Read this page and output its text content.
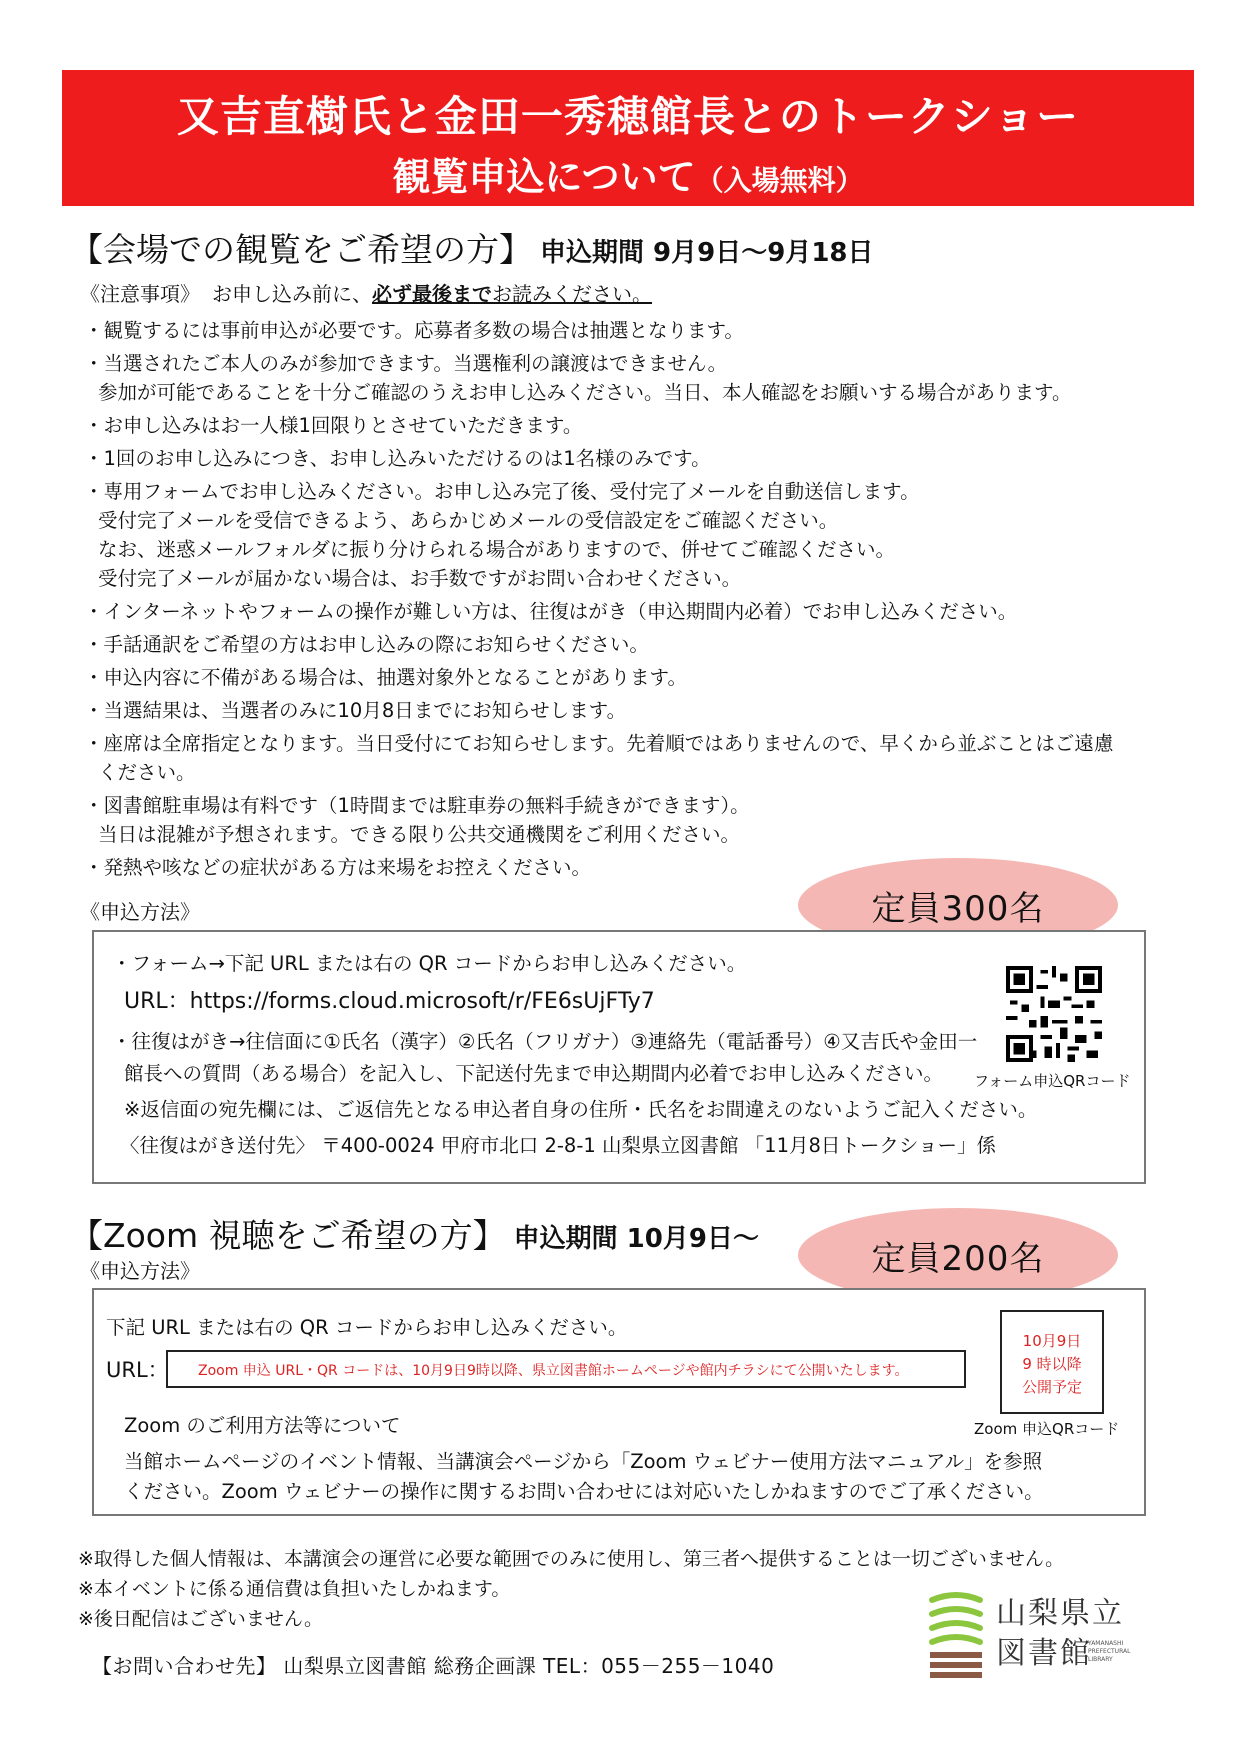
又吉直樹氏と金田一秀穂館長とのトークショー
観覧申込について（入場無料）
【会場での観覧をご希望の方】 申込期間 9月9日～9月18日
《注意事項》 お申し込み前に、必ず最後までお読みください。
・観覧するには事前申込が必要です。応募者多数の場合は抽選となります。
・当選されたご本人のみが参加できます。当選権利の譲渡はできません。
参加が可能であることを十分ご確認のうえお申し込みください。当日、本人確認をお願いする場合があります。
・お申し込みはお一人様1回限りとさせていただきます。
・1回のお申し込みにつき、お申し込みいただけるのは1名様のみです。
・専用フォームでお申し込みください。お申し込み完了後、受付完了メールを自動送信します。
受付完了メールを受信できるよう、あらかじめメールの受信設定をご確認ください。
なお、迷惑メールフォルダに振り分けられる場合がありますので、併せてご確認ください。
受付完了メールが届かない場合は、お手数ですがお問い合わせください。
・インターネットやフォームの操作が難しい方は、往復はがき（申込期間内必着）でお申し込みください。
・手話通訳をご希望の方はお申し込みの際にお知らせください。
・申込内容に不備がある場合は、抽選対象外となることがあります。
・当選結果は、当選者のみに10月8日までにお知らせします。
・座席は全席指定となります。当日受付にてお知らせします。先着順ではありませんので、早くから並ぶことはご遠慮
ください。
・図書館駐車場は有料です（1時間までは駐車券の無料手続きができます）。
当日は混雑が予想されます。できる限り公共交通機関をご利用ください。
・発熱や咳などの症状がある方は来場をお控えください。
定員300名
《申込方法》
・フォーム→下記 URL または右の QR コードからお申し込みください。
URL：https://forms.cloud.microsoft/r/FE6sUjFTy7
・往復はがき→往信面に①氏名（漢字）②氏名（フリガナ）③連絡先（電話番号）④又吉氏や金田一
館長への質問（ある場合）を記入し、下記送付先まで申込期間内必着でお申し込みください。
※返信面の宛先欄には、ご返信先となる申込者自身の住所・氏名をお間違えのないようご記入ください。
〈往復はがき送付先〉 〒400-0024 甲府市北口 2-8-1 山梨県立図書館 「11月8日トークショー」係
フォーム申込QRコード
【Zoom 視聴をご希望の方】 申込期間 10月9日～	定員200名
《申込方法》
下記 URL または右の QR コードからお申し込みください。
URL： Zoom 申込 URL・QR コードは、10月9日9時以降、県立図書館ホームページや館内チラシにて公開いたします。
10月9日
9 時以降
公開予定
Zoom 申込QRコード
Zoom のご利用方法等について
当館ホームページのイベント情報、当講演会ページから「Zoom ウェビナー使用方法マニュアル」を参照
ください。Zoom ウェビナーの操作に関するお問い合わせには対応いたしかねますのでご了承ください。
※取得した個人情報は、本講演会の運営に必要な範囲でのみに使用し、第三者へ提供することは一切ございません。
※本イベントに係る通信費は負担いたしかねます。
※後日配信はございません。
【お問い合わせ先】 山梨県立図書館 総務企画課 TEL：055－255－1040
山梨県立
図書館
YAMANASHI PREFECTURAL LIBRARY
